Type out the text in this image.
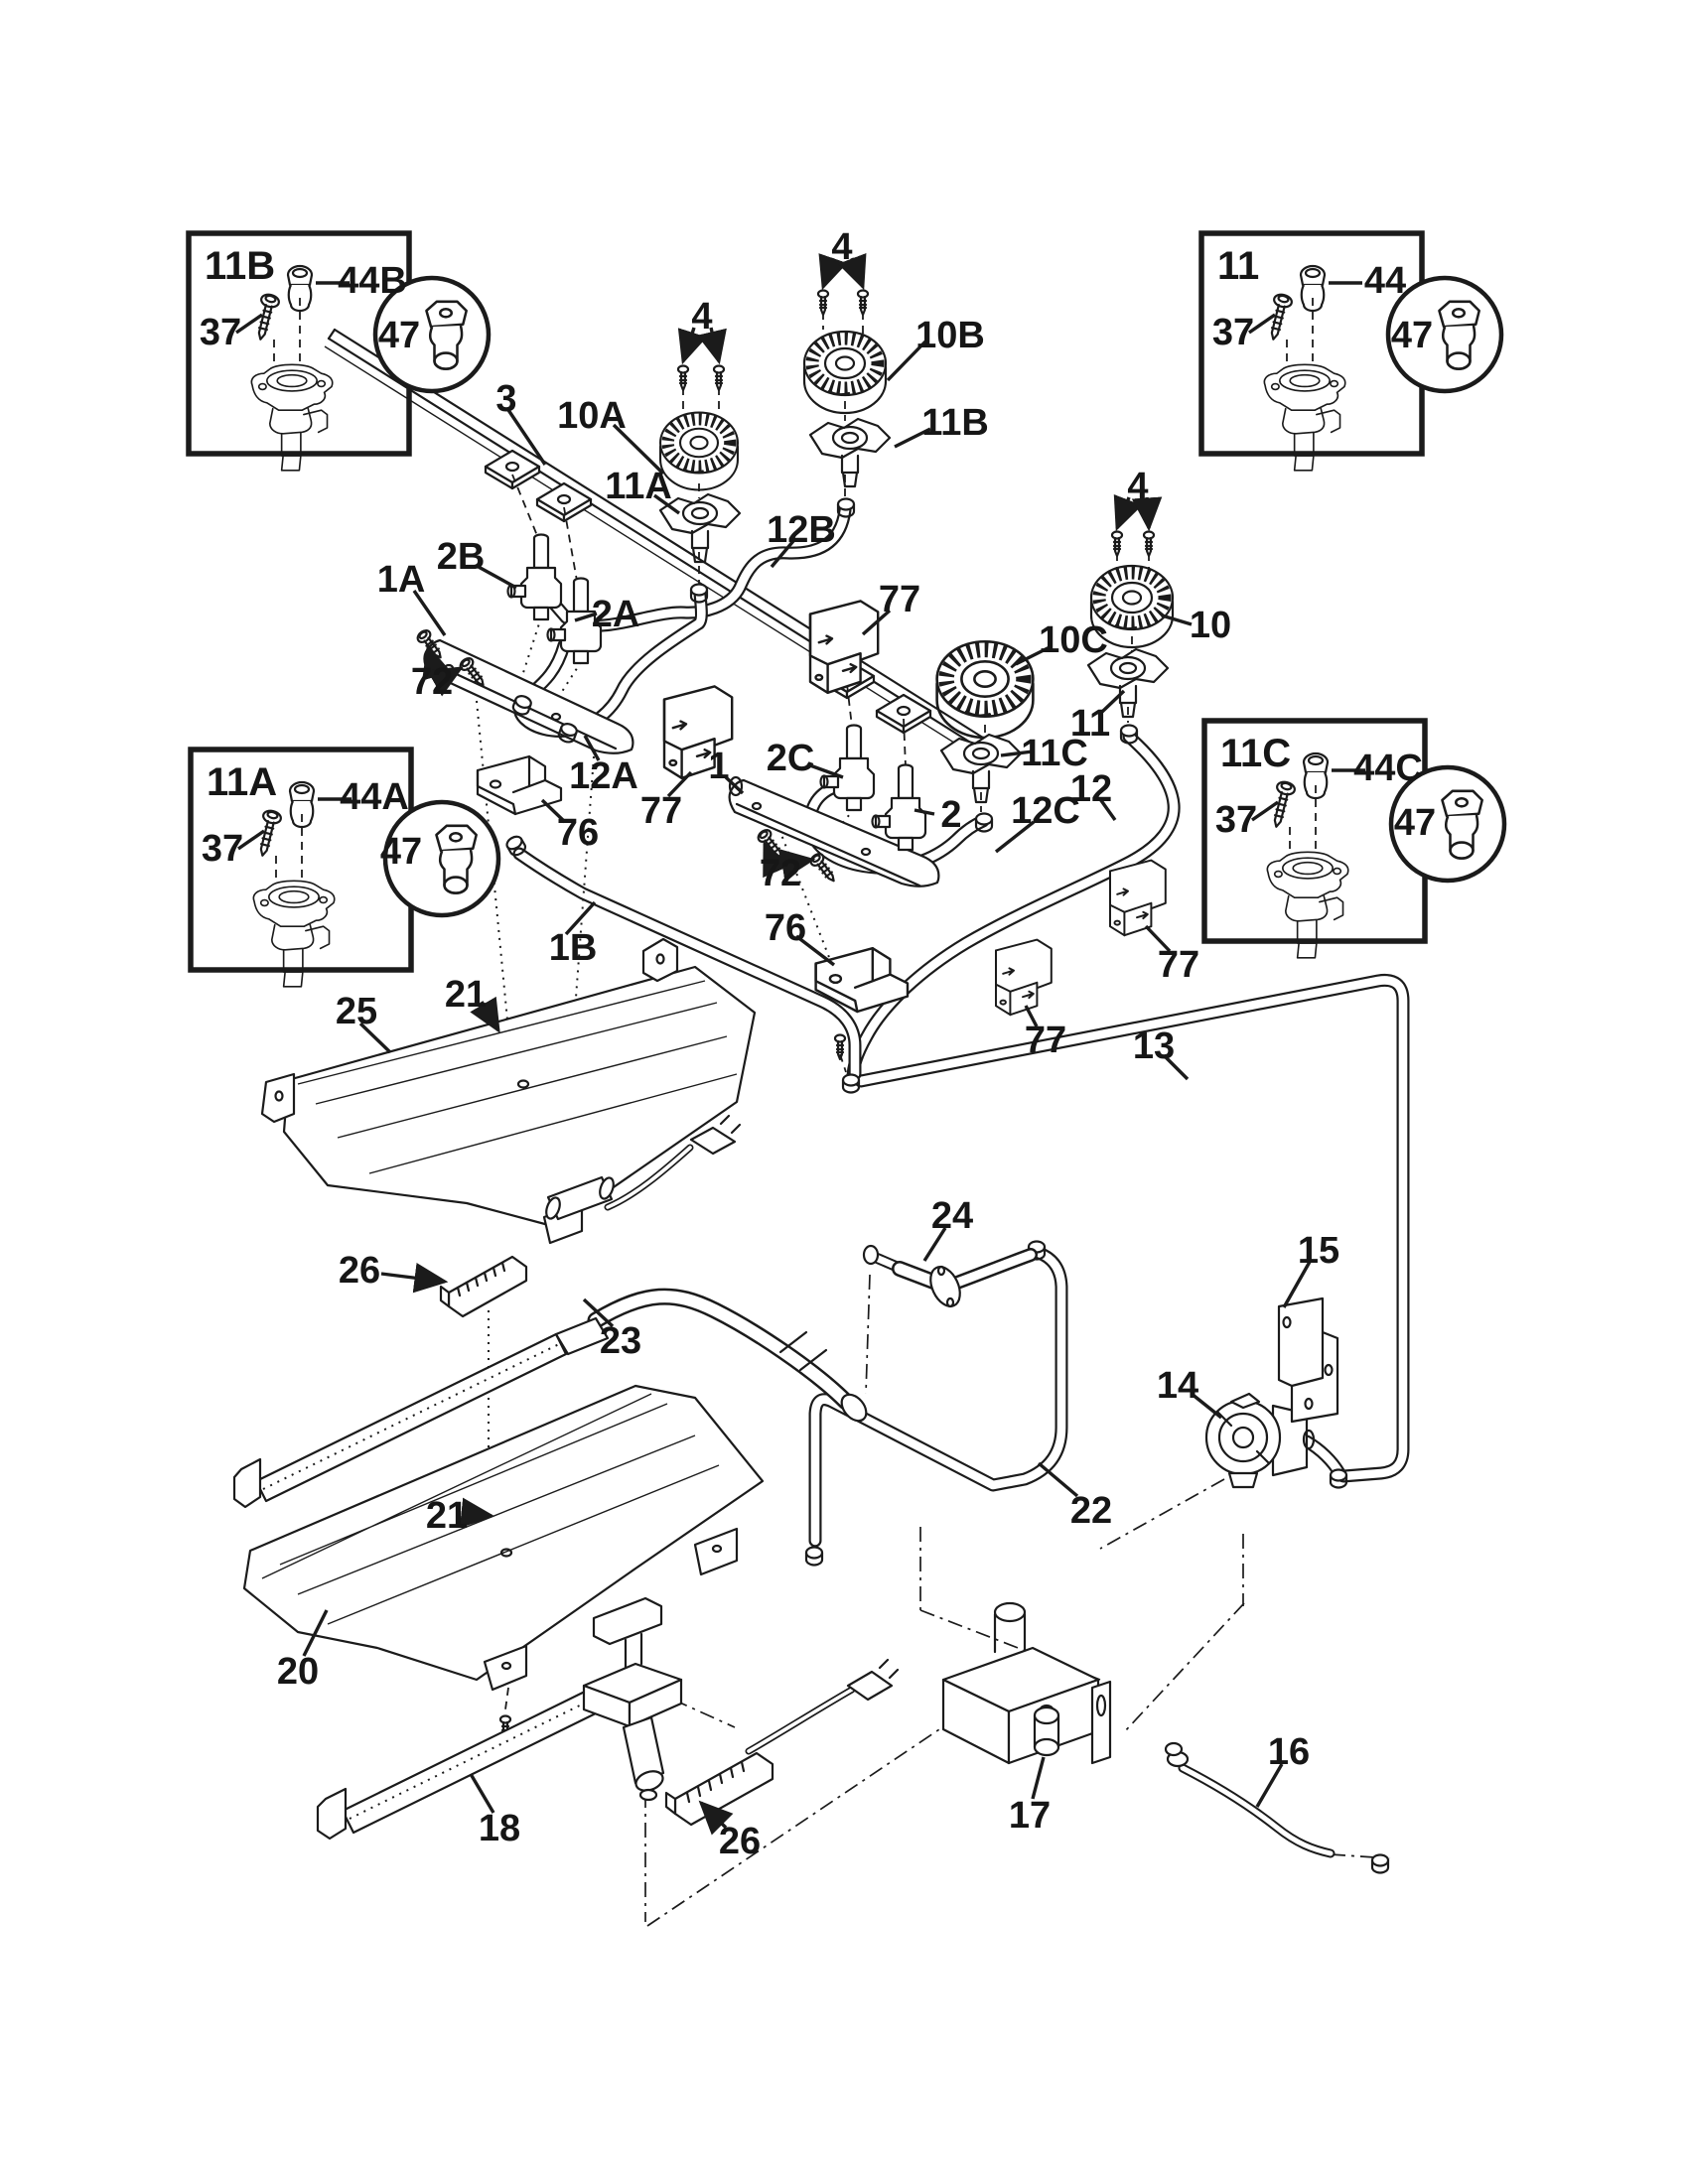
11B 44B
37	47
11	44
37	47
11A 44A
37	47
11C 44C
37	47
4
4
4
3 10A
10B
11A
11B
12B
2B
1A
2A
72
12A
77
10C 10
11
11C
12
12C
2C
1
2
72
76
77
76
77
77
1B
13
25 21
26
23
24
22
15
14
20
21
18	26
17
16
